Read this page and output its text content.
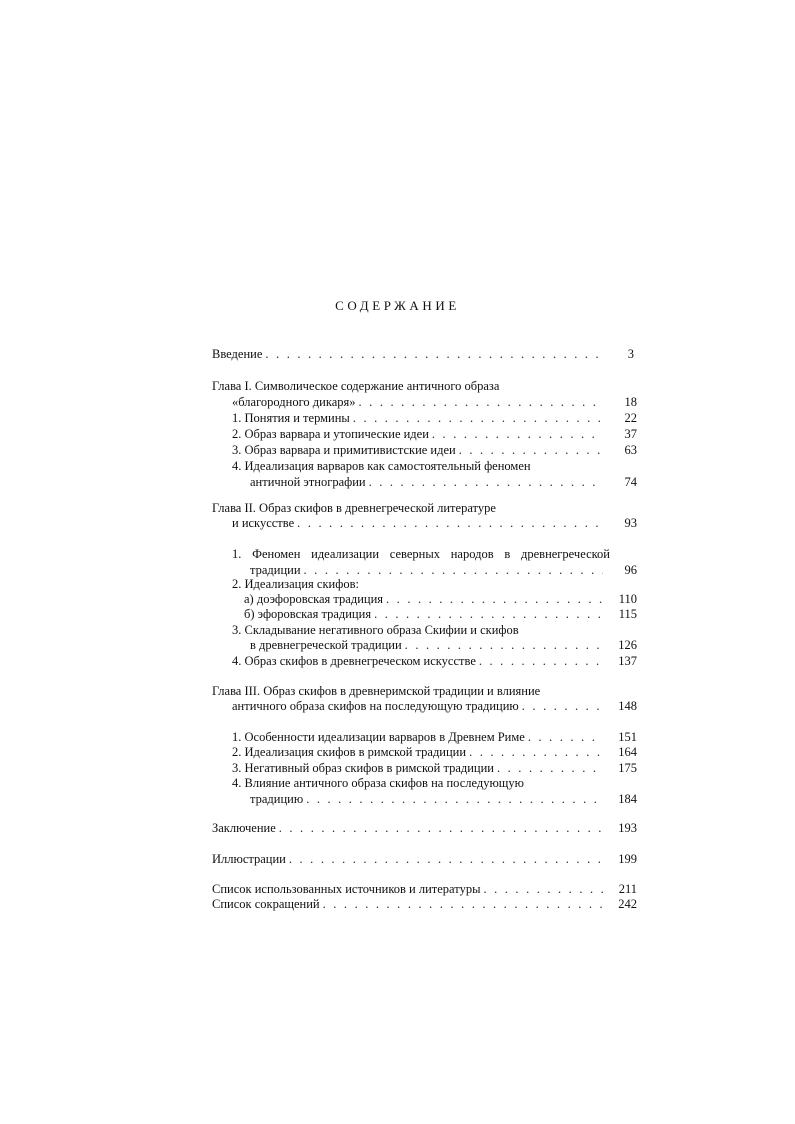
СОДЕРЖАНИЕ
Введение . . .	3
Глава I. Символическое содержание античного образа
«благородного дикаря» . . .	18
1. Понятия и термины . . .	22
2. Образ варвара и утопические идеи . . .	37
3. Образ варвара и примитивистские идеи . . .	63
4. Идеализация варваров как самостоятельный феномен
античной этнографии . . .	74
Глава II. Образ скифов в древнегреческой литературе
и искусстве . . .	93
1. Феномен идеализации северных народов в древнегреческой
традиции . . .	96
2. Идеализация скифов:
а) доэфоровская традиция . . .	110
б) эфоровская традиция . . .	115
3. Складывание негативного образа Скифии и скифов
в древнегреческой традиции . . .	126
4. Образ скифов в древнегреческом искусстве . . .	137
Глава III. Образ скифов в древнеримской традиции и влияние
античного образа скифов на последующую традицию . . .	148
1. Особенности идеализации варваров в Древнем Риме . . .	151
2. Идеализация скифов в римской традиции . . .	164
3. Негативный образ скифов в римской традиции . . .	175
4. Влияние античного образа скифов на последующую
традицию . . .	184
Заключение . . .	193
Иллюстрации . . .	199
Список использованных источников и литературы . . .	211
Список сокращений . . .	242
